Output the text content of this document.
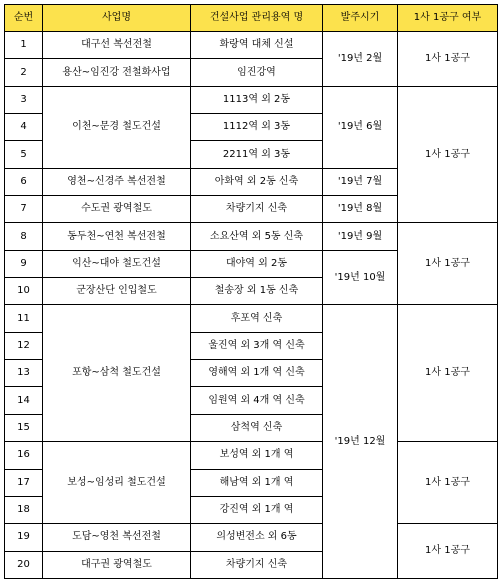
순번	사업명	건설사업 관리용역 명	발주시기	1사 1공구 여부
1	대구선 복선전철	화랑역 대체 신설	'19년 2월	1사 1공구
2	용산~임진강 전철화사업	임진강역		
3	이천~문경 철도건설	1113역 외 2동	'19년 6월	1사 1공구
4		1112역 외 3동		
5		2211역 외 3동		
6	영천~신경주 복선전철	아화역 외 2동 신축	'19년 7월	
7	수도권 광역철도	차량기지 신축	'19년 8월	
8	동두천~연천 복선전철	소요산역 외 5동 신축	'19년 9월	1사 1공구
9	익산~대야 철도건설	대야역 외 2동	'19년 10월	
10	군장산단 인입철도	철송장 외 1동 신축		
11	포항~삼척 철도건설	후포역 신축	'19년 12월	1사 1공구
12		울진역 외 3개 역 신축		
13		영해역 외 1개 역 신축		
14		임원역 외 4개 역 신축		
15		삼척역 신축		
16	보성~임성리 철도건설	보성역 외 1개 역		1사 1공구
17		해남역 외 1개 역		
18		강진역 외 1개 역		
19	도담~영천 복선전철	의성변전소 외 6동		1사 1공구
20	대구권 광역철도	차량기지 신축		
